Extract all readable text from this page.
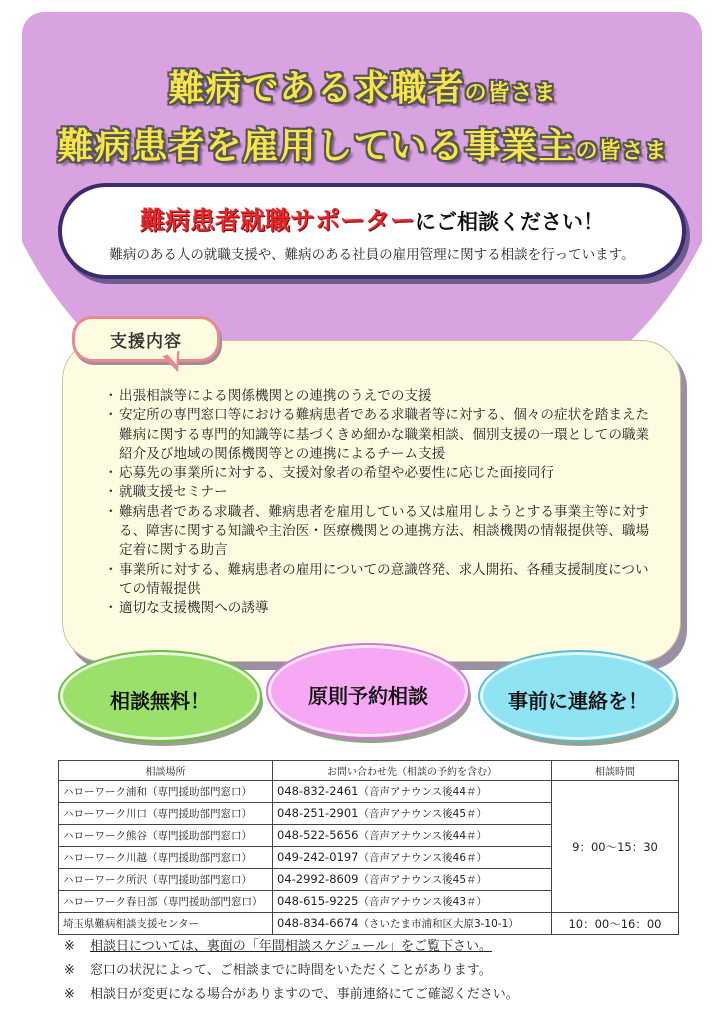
難病である求職者の皆さま
難病患者を雇用している事業主の皆さま
難病患者就職サポーターにご相談ください！
難病のある人の就職支援や、難病のある社員の雇用管理に関する相談を行っています。
・ 出張相談等による関係機関との連携のうえでの支援
・ 安定所の専門窓口等における難病患者である求職者等に対する、個々の症状を踏まえた難病に関する専門的知識等に基づくきめ細かな職業相談、個別支援の一環としての職業紹介及び地域の関係機関等との連携によるチーム支援
・ 応募先の事業所に対する、支援対象者の希望や必要性に応じた面接同行
・ 就職支援セミナー
・ 難病患者である求職者、難病患者を雇用している又は雇用しようとする事業主等に対する、障害に関する知識や主治医・医療機関との連携方法、相談機関の情報提供等、職場定着に関する助言
・ 事業所に対する、難病患者の雇用についての意識啓発、求人開拓、各種支援制度についての情報提供
・ 適切な支援機関への誘導
支援内容
相談無料！	原則予約相談	事前に連絡を！
相談場所	お問い合わせ先（相談の予約を含む）	相談時間
ハローワーク浦和（専門援助部門窓口）	048-832-2461（音声アナウンス後44＃）	9：00～15：30
ハローワーク川口（専門援助部門窓口）	048-251-2901（音声アナウンス後45＃）	
ハローワーク熊谷（専門援助部門窓口）	048-522-5656（音声アナウンス後44＃）	
ハローワーク川越（専門援助部門窓口）	049-242-0197（音声アナウンス後46＃）	
ハローワーク所沢（専門援助部門窓口）	04-2992-8609（音声アナウンス後45＃）	
ハローワーク春日部（専門援助部門窓口）	048-615-9225（音声アナウンス後43＃）	
埼玉県難病相談支援センター	048-834-6674（さいたま市浦和区大原3-10-1）	10：00～16：00
※ 相談日については、裏面の「年間相談スケジュール」をご覧下さい。
※ 窓口の状況によって、ご相談までに時間をいただくことがあります。
※ 相談日が変更になる場合がありますので、事前連絡にてご確認ください。
